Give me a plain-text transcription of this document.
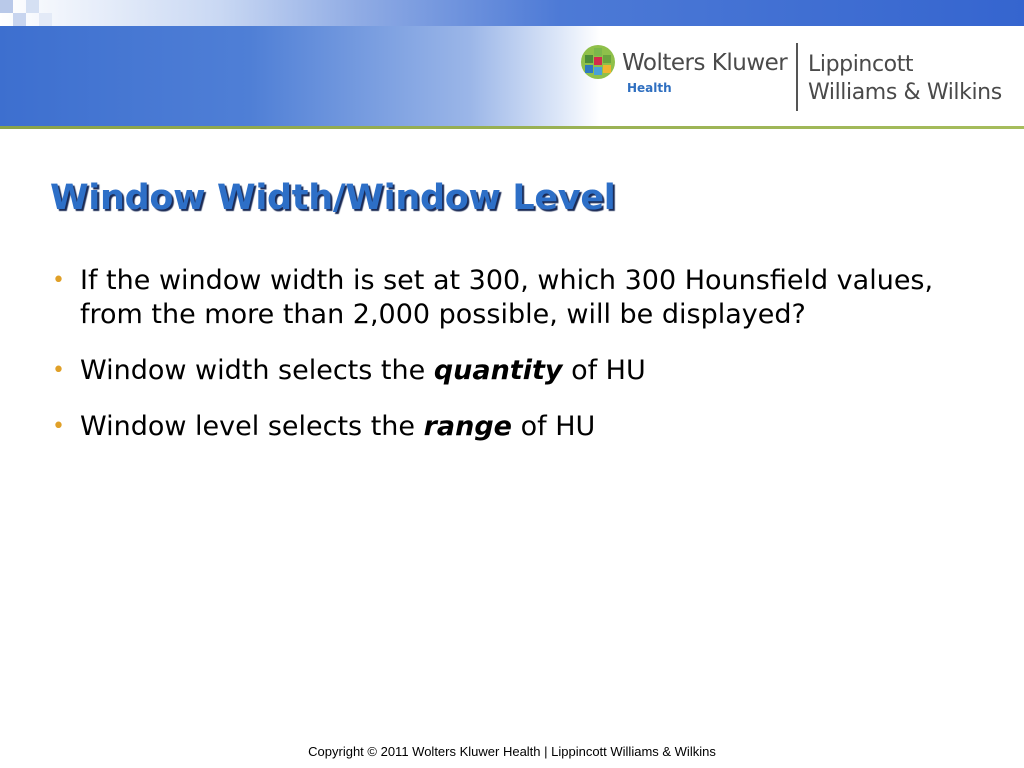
Wolters Kluwer
Health
Lippincott
Williams & Wilkins
Window Width/Window Level
• If the window width is set at 300, which 300 Hounsfield values, from the more than 2,000 possible, will be displayed?
• Window width selects the quantity of HU
• Window level selects the range of HU
Copyright © 2011 Wolters Kluwer Health | Lippincott Williams & Wilkins
